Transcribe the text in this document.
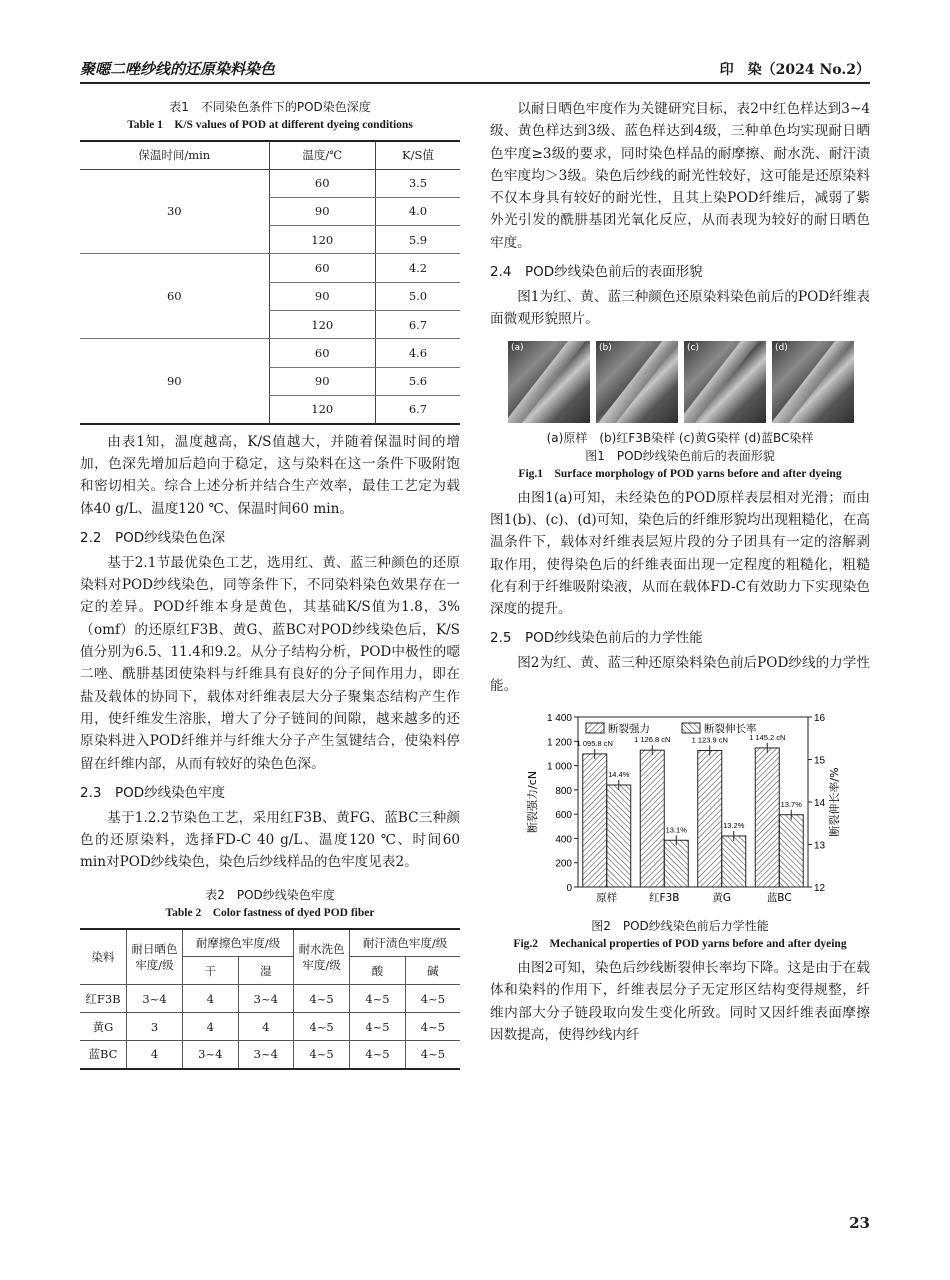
聚噁二唑纱线的还原染料染色	印　染（2024 No.2）
表1　不同染色条件下的POD染色深度
Table 1　K/S values of POD at different dyeing conditions
保温时间/min	温度/℃	K/S值
30	60	3.5
	90	4.0
	120	5.9
60	60	4.2
	90	5.0
	120	6.7
90	60	4.6
	90	5.6
	120	6.7

由表1知，温度越高，K/S值越大，并随着保温时间的增加，色深先增加后趋向于稳定，这与染料在这一条件下吸附饱和密切相关。综合上述分析并结合生产效率，最佳工艺定为载体40 g/L、温度120 ℃、保温时间60 min。

2.2　POD纱线染色色深

基于2.1节最优染色工艺，选用红、黄、蓝三种颜色的还原染料对POD纱线染色，同等条件下，不同染料染色效果存在一定的差异。POD纤维本身是黄色，其基础K/S值为1.8，3%（omf）的还原红F3B、黄G、蓝BC对POD纱线染色后，K/S值分别为6.5、11.4和9.2。从分子结构分析，POD中极性的噁二唑、酰肼基团使染料与纤维具有良好的分子间作用力，即在盐及载体的协同下，载体对纤维表层大分子聚集态结构产生作用，使纤维发生溶胀，增大了分子链间的间隙，越来越多的还原染料进入POD纤维并与纤维大分子产生氢键结合，使染料停留在纤维内部，从而有较好的染色色深。

2.3　POD纱线染色牢度

基于1.2.2节染色工艺，采用红F3B、黄FG、蓝BC三种颜色的还原染料，选择FD-C 40 g/L、温度120 ℃、时间60 min对POD纱线染色，染色后纱线样品的色牢度见表2。

表2　POD纱线染色牢度
Table 2　Color fastness of dyed POD fiber
染料	耐日晒色牢度/级	耐摩擦色牢度/级		耐水洗色牢度/级	耐汗渍色牢度/级	
		干	湿		酸	碱
红F3B	3~4	4	3~4	4~5	4~5	4~5
黄G	3	4	4	4~5	4~5	4~5
蓝BC	4	3~4	3~4	4~5	4~5	4~5

以耐日晒色牢度作为关键研究目标，表2中红色样达到3~4级、黄色样达到3级、蓝色样达到4级，三种单色均实现耐日晒色牢度≥3级的要求，同时染色样品的耐摩擦、耐水洗、耐汗渍色牢度均＞3级。染色后纱线的耐光性较好，这可能是还原染料不仅本身具有较好的耐光性，且其上染POD纤维后，减弱了紫外光引发的酰肼基团光氧化反应，从而表现为较好的耐日晒色牢度。

2.4　POD纱线染色前后的表面形貌

图1为红、黄、蓝三种颜色还原染料染色前后的POD纤维表面微观形貌照片。

(a)	(b)	(c)	(d)
(a)原样　(b)红F3B染样 (c)黄G染样 (d)蓝BC染样
图1　POD纱线染色前后的表面形貌
Fig.1　Surface morphology of POD yarns before and after dyeing

由图1(a)可知，未经染色的POD原样表层相对光滑；而由图1(b)、(c)、(d)可知，染色后的纤维形貌均出现粗糙化，在高温条件下，载体对纤维表层短片段的分子团具有一定的溶解剥取作用，使得染色后的纤维表面出现一定程度的粗糙化，粗糙化有利于纤维吸附染液，从而在载体FD-C有效助力下实现染色深度的提升。

2.5　POD纱线染色前后的力学性能

图2为红、黄、蓝三种还原染料染色前后POD纱线的力学性能。

0
200
400
600
800
1 000
1 200
1 400
12
13
14
15
16
1 095.8 cN
14.4%
原样
1 126.8 cN
13.1%
红F3B
1 123.9 cN
13.2%
黄G
1 145.2 cN
13.7%
蓝BC
断裂强力	断裂伸长率
断裂强力/cN	断裂伸长率/%
图2　POD纱线染色前后力学性能
Fig.2　Mechanical properties of POD yarns before and after dyeing

由图2可知，染色后纱线断裂伸长率均下降。这是由于在载体和染料的作用下，纤维表层分子无定形区结构变得规整，纤维内部大分子链段取向发生变化所致。同时又因纤维表面摩擦因数提高，使得纱线内纤

23
